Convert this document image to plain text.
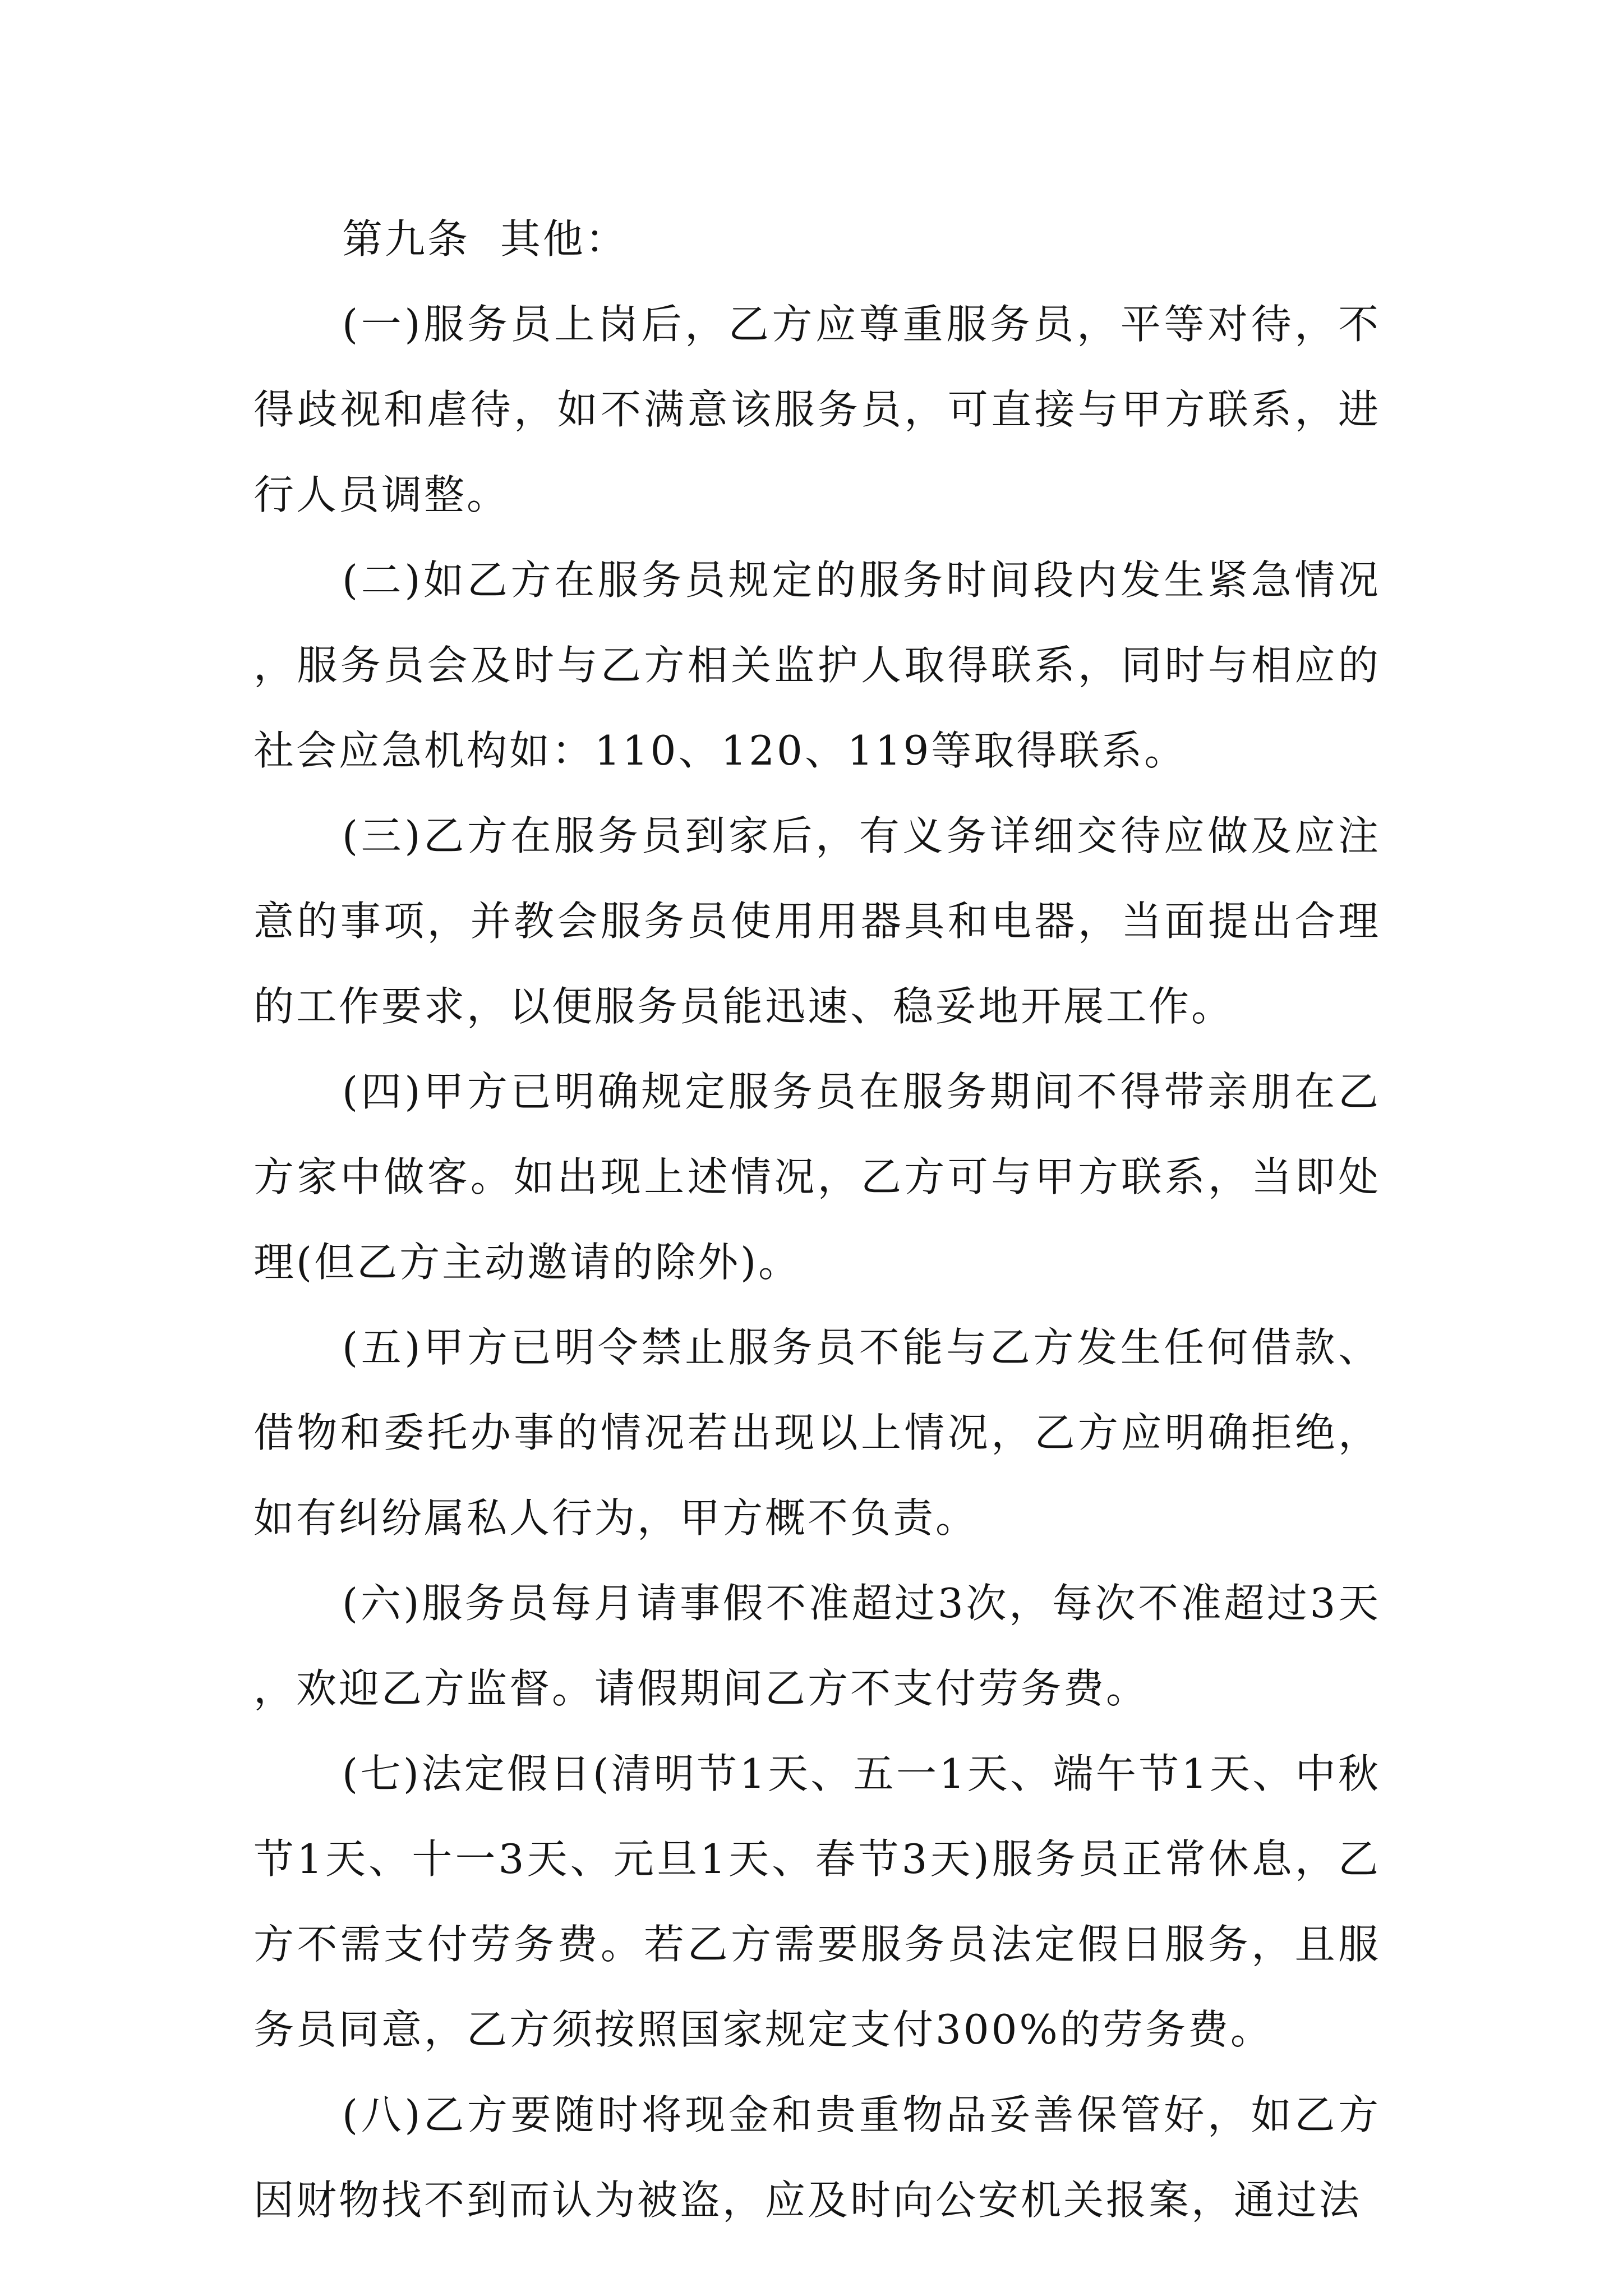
第九条  其他：

(一)服务员上岗后，乙方应尊重服务员，平等对待，不得歧视和虐待，如不满意该服务员，可直接与甲方联系，进行人员调整。

(二)如乙方在服务员规定的服务时间段内发生紧急情况，服务员会及时与乙方相关监护人取得联系，同时与相应的社会应急机构如：110、120、119等取得联系。

(三)乙方在服务员到家后，有义务详细交待应做及应注意的事项，并教会服务员使用用器具和电器，当面提出合理的工作要求，以便服务员能迅速、稳妥地开展工作。

(四)甲方已明确规定服务员在服务期间不得带亲朋在乙方家中做客。如出现上述情况，乙方可与甲方联系，当即处理(但乙方主动邀请的除外)。

(五)甲方已明令禁止服务员不能与乙方发生任何借款、借物和委托办事的情况若出现以上情况，乙方应明确拒绝，如有纠纷属私人行为，甲方概不负责。

(六)服务员每月请事假不准超过3次，每次不准超过3天，欢迎乙方监督。请假期间乙方不支付劳务费。

(七)法定假日(清明节1天、五一1天、端午节1天、中秋节1天、十一3天、元旦1天、春节3天)服务员正常休息，乙方不需支付劳务费。若乙方需要服务员法定假日服务，且服务员同意，乙方须按照国家规定支付300%的劳务费。

(八)乙方要随时将现金和贵重物品妥善保管好，如乙方因财物找不到而认为被盗，应及时向公安机关报案，通过法
